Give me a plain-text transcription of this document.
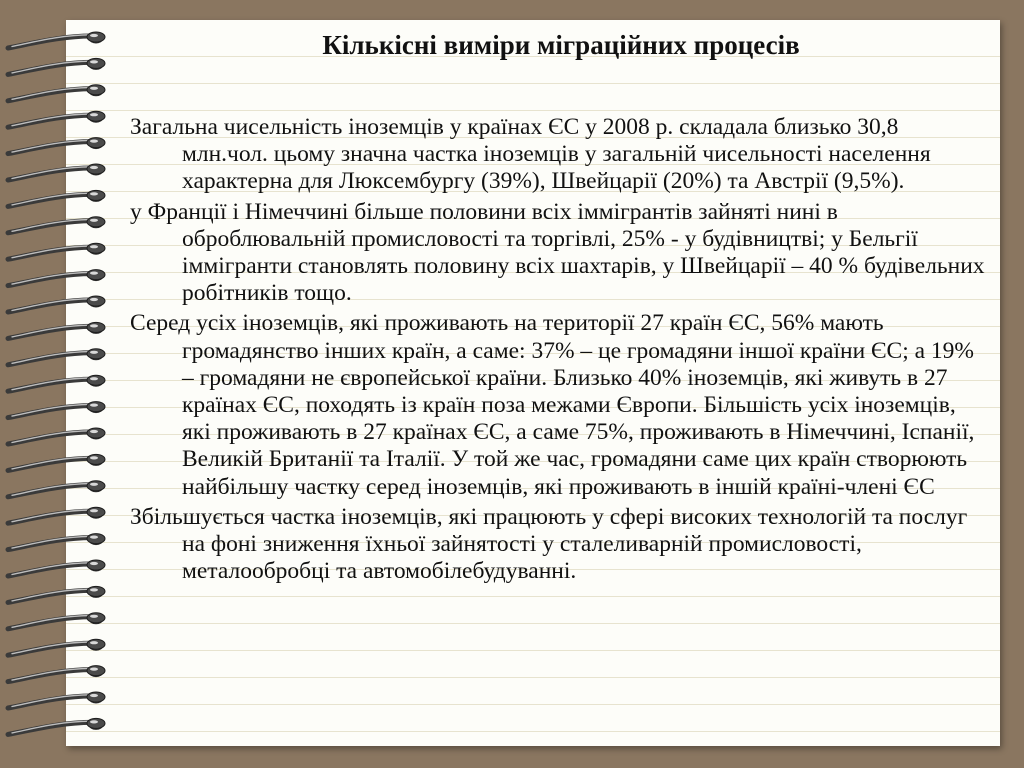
Кількісні виміри міграційних процесів

Загальна чисельність іноземців у країнах ЄС у 2008 р. складала близько 30,8 млн.чол. цьому значна частка іноземців у загальній чисельності населення характерна для Люксембургу (39%), Швейцарії (20%) та Австрії (9,5%).

у Франції і Німеччині більше половини всіх іммігрантів зайняті нині в оброблювальній промисловості та торгівлі, 25% - у будівництві; у Бельгії іммігранти становлять половину всіх шахтарів, у Швейцарії – 40 % будівельних робітників тощо.

Серед усіх іноземців, які проживають на території 27 країн ЄС, 56% мають громадянство інших країн, а саме: 37% – це громадяни іншої країни ЄС; а 19% – громадяни не європейської країни. Близько 40% іноземців, які живуть в 27 країнах ЄС, походять із країн поза межами Європи. Більшість усіх іноземців, які проживають в 27 країнах ЄС, а саме 75%, проживають в Німеччині, Іспанії, Великій Британії та Італії. У той же час, громадяни саме цих країн створюють найбільшу частку серед іноземців, які проживають в іншій країні-члені ЄС

Збільшується частка іноземців, які працюють у сфері високих технологій та послуг на фоні зниження їхньої зайнятості у сталеливарній промисловості, металообробці та автомобілебудуванні.
